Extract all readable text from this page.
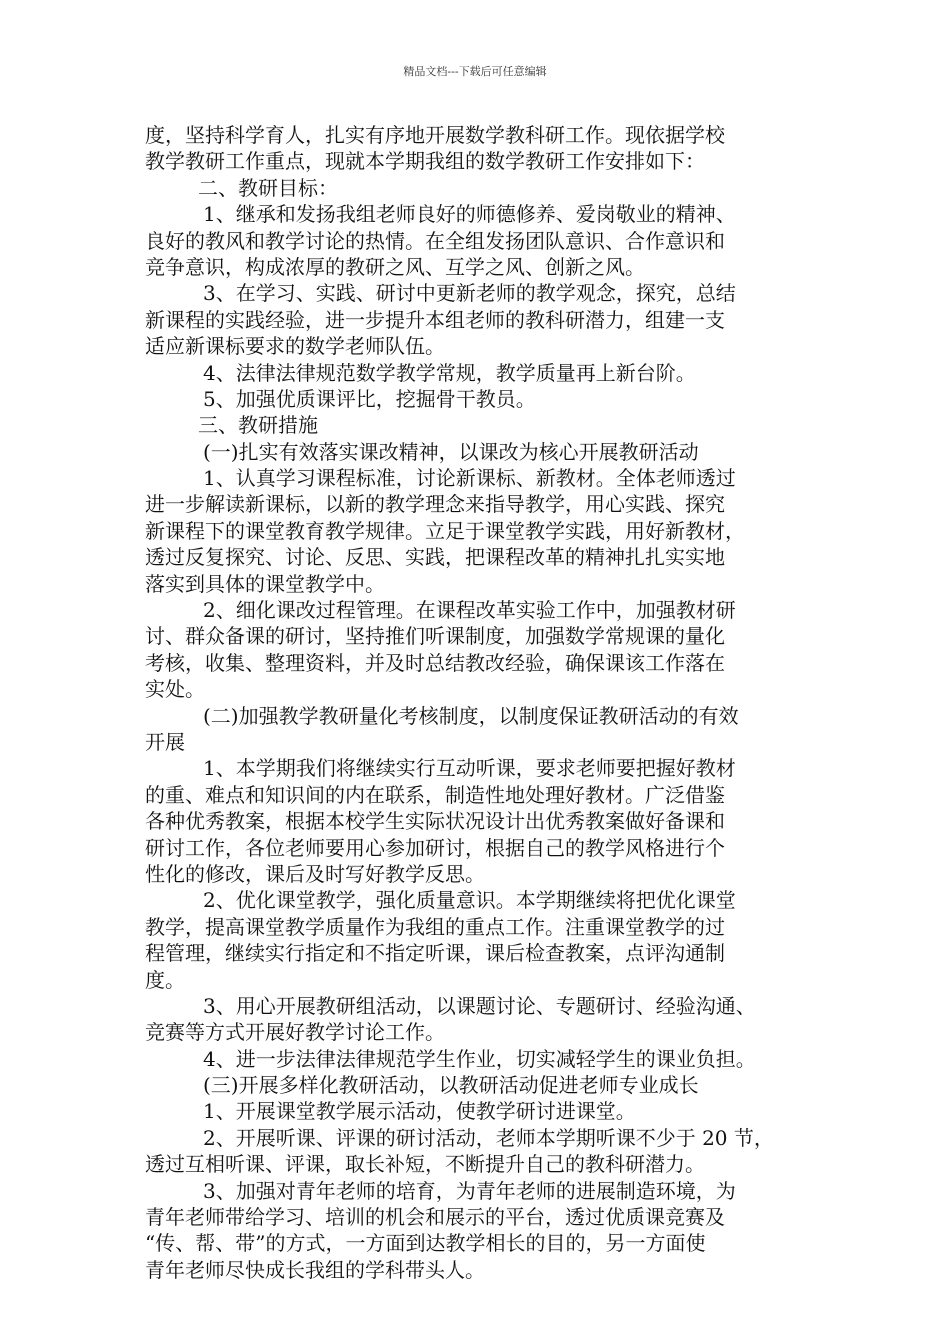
精品文档---下载后可任意编辑
度，坚持科学育人，扎实有序地开展数学教科研工作。现依据学校
教学教研工作重点，现就本学期我组的数学教研工作安排如下：
二、教研目标：
1、继承和发扬我组老师良好的师德修养、爱岗敬业的精神、
良好的教风和教学讨论的热情。在全组发扬团队意识、合作意识和
竞争意识，构成浓厚的教研之风、互学之风、创新之风。
3、在学习、实践、研讨中更新老师的教学观念，探究，总结
新课程的实践经验，进一步提升本组老师的教科研潜力，组建一支
适应新课标要求的数学老师队伍。
4、法律法律规范数学教学常规，教学质量再上新台阶。
5、加强优质课评比，挖掘骨干教员。
三、教研措施
(一)扎实有效落实课改精神，以课改为核心开展教研活动
1、认真学习课程标准，讨论新课标、新教材。全体老师透过
进一步解读新课标，以新的教学理念来指导教学，用心实践、探究
新课程下的课堂教育教学规律。立足于课堂教学实践，用好新教材，
透过反复探究、讨论、反思、实践，把课程改革的精神扎扎实实地
落实到具体的课堂教学中。
2、细化课改过程管理。在课程改革实验工作中，加强教材研
讨、群众备课的研讨，坚持推们听课制度，加强数学常规课的量化
考核，收集、整理资料，并及时总结教改经验，确保课该工作落在
实处。
(二)加强教学教研量化考核制度，以制度保证教研活动的有效
开展
1、本学期我们将继续实行互动听课，要求老师要把握好教材
的重、难点和知识间的内在联系，制造性地处理好教材。广泛借鉴
各种优秀教案，根据本校学生实际状况设计出优秀教案做好备课和
研讨工作，各位老师要用心参加研讨，根据自己的教学风格进行个
性化的修改，课后及时写好教学反思。
2、优化课堂教学，强化质量意识。本学期继续将把优化课堂
教学，提高课堂教学质量作为我组的重点工作。注重课堂教学的过
程管理，继续实行指定和不指定听课，课后检查教案，点评沟通制
度。
3、用心开展教研组活动，以课题讨论、专题研讨、经验沟通、
竞赛等方式开展好教学讨论工作。
4、进一步法律法律规范学生作业，切实减轻学生的课业负担。
(三)开展多样化教研活动，以教研活动促进老师专业成长
1、开展课堂教学展示活动，使教学研讨进课堂。
2、开展听课、评课的研讨活动，老师本学期听课不少于 20 节，
透过互相听课、评课，取长补短，不断提升自己的教科研潜力。
3、加强对青年老师的培育，为青年老师的进展制造环境，为
青年老师带给学习、培训的机会和展示的平台，透过优质课竞赛及
“传、帮、带”的方式，一方面到达教学相长的目的，另一方面使
青年老师尽快成长我组的学科带头人。
